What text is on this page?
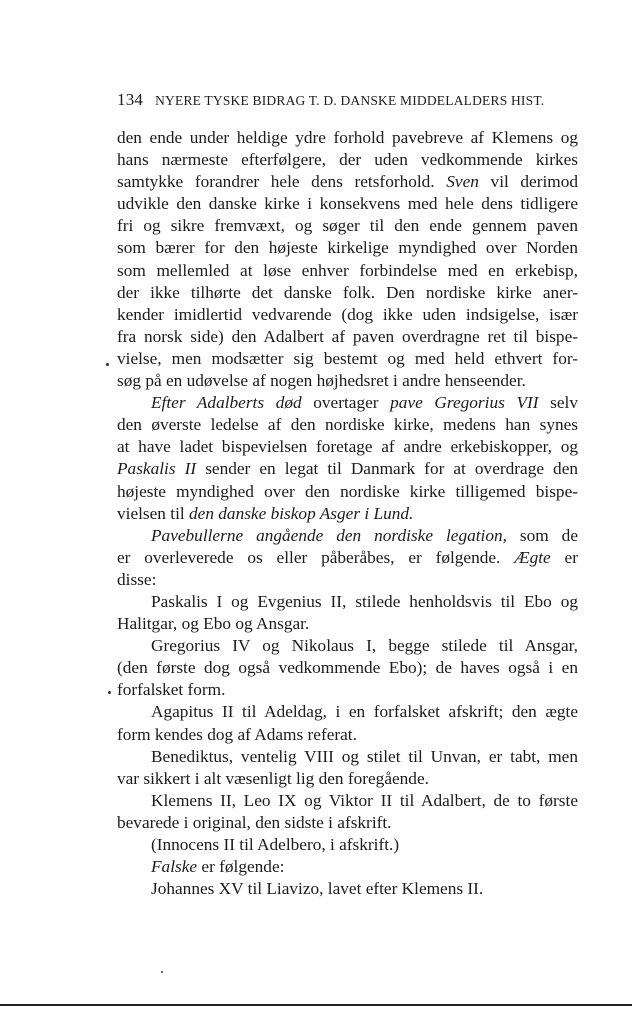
134 NYERE TYSKE BIDRAG T. D. DANSKE MIDDELALDERS HIST.
den ende under heldige ydre forhold pavebreve af Klemens og
hans nærmeste efterfølgere, der uden vedkommende kirkes
samtykke forandrer hele dens retsforhold. Sven vil derimod
udvikle den danske kirke i konsekvens med hele dens tidligere
fri og sikre fremvæxt, og søger til den ende gennem paven
som bærer for den højeste kirkelige myndighed over Norden
som mellemled at løse enhver forbindelse med en erkebisp,
der ikke tilhørte det danske folk. Den nordiske kirke aner-
kender imidlertid vedvarende (dog ikke uden indsigelse, især
fra norsk side) den Adalbert af paven overdragne ret til bispe-
vielse, men modsætter sig bestemt og med held ethvert for-
søg på en udøvelse af nogen højhedsret i andre henseender.
Efter Adalberts død overtager pave Gregorius VII selv
den øverste ledelse af den nordiske kirke, medens han synes
at have ladet bispevielsen foretage af andre erkebiskopper, og
Paskalis II sender en legat til Danmark for at overdrage den
højeste myndighed over den nordiske kirke tilligemed bispe-
vielsen til den danske biskop Asger i Lund.
Pavebullerne angående den nordiske legation, som de
er overleverede os eller påberåbes, er følgende. Ægte er
disse:
Paskalis I og Evgenius II, stilede henholdsvis til Ebo og
Halitgar, og Ebo og Ansgar.
Gregorius IV og Nikolaus I, begge stilede til Ansgar,
(den første dog også vedkommende Ebo); de haves også i en
forfalsket form.
Agapitus II til Adeldag, i en forfalsket afskrift; den ægte
form kendes dog af Adams referat.
Benediktus, ventelig VIII og stilet til Unvan, er tabt, men
var sikkert i alt væsenligt lig den foregående.
Klemens II, Leo IX og Viktor II til Adalbert, de to første
bevarede i original, den sidste i afskrift.
(Innocens II til Adelbero, i afskrift.)
Falske er følgende:
Johannes XV til Liavizo, lavet efter Klemens II.
